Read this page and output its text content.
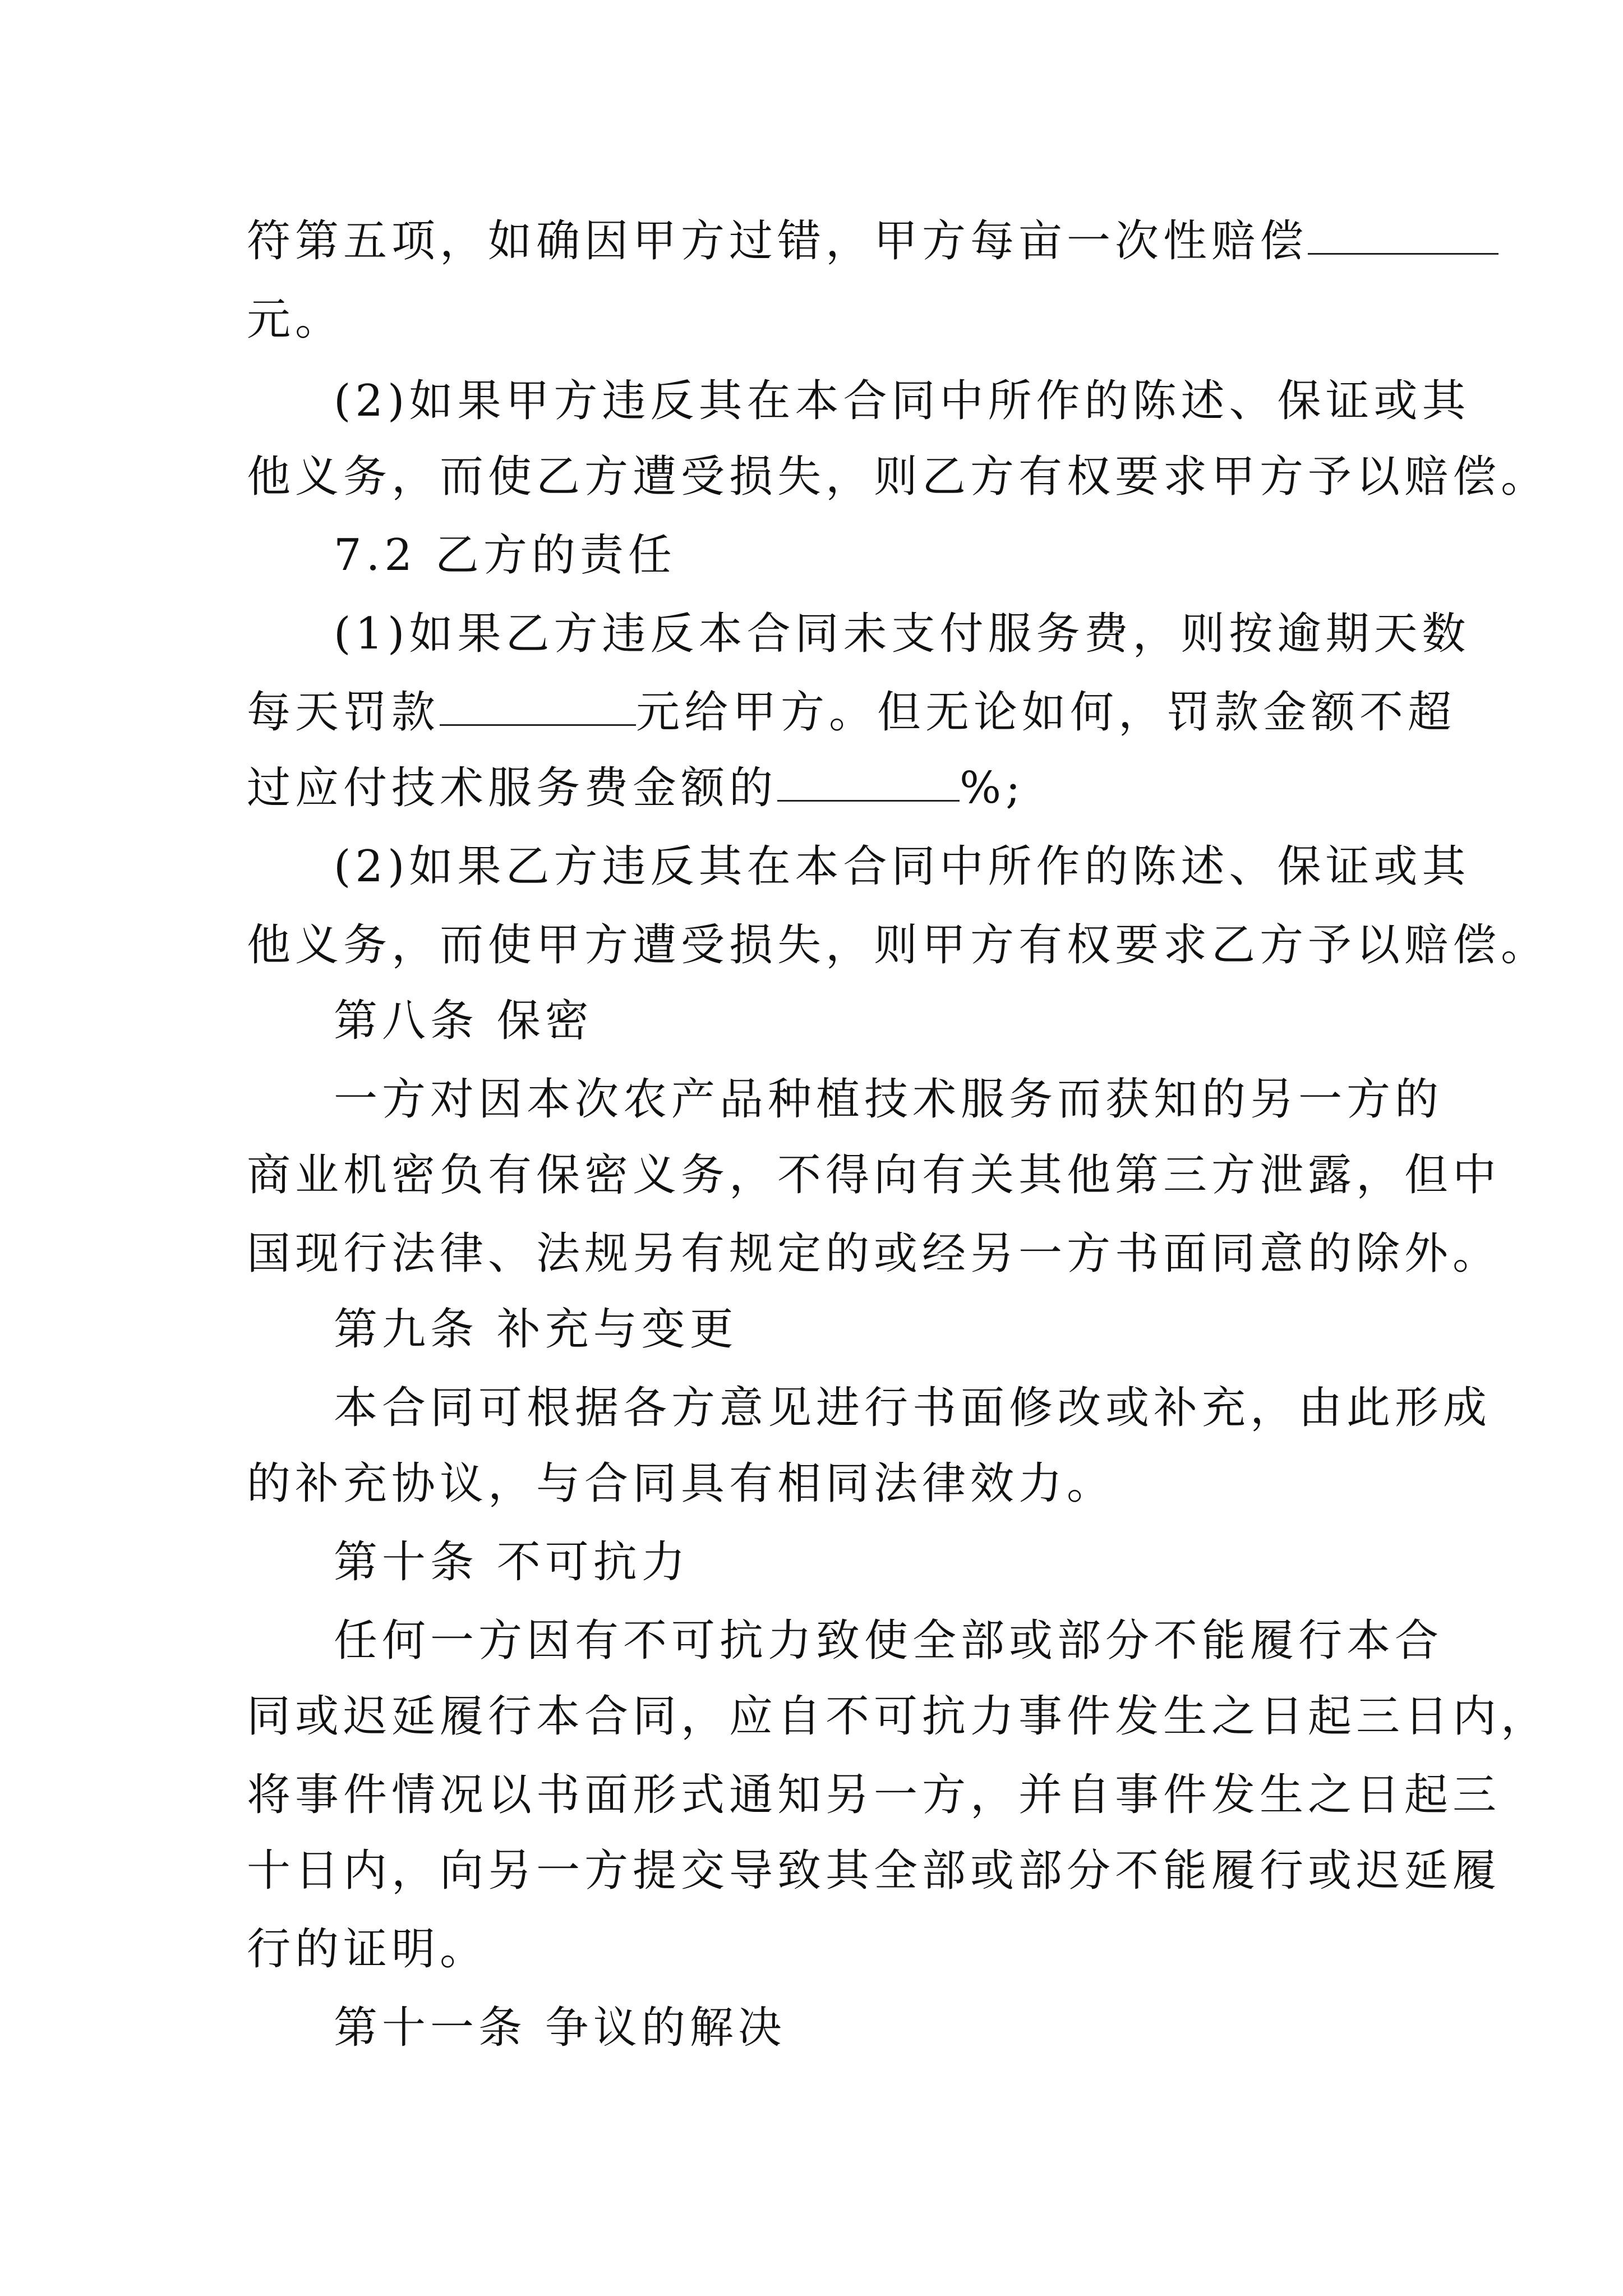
符第五项，如确因甲方过错，甲方每亩一次性赔偿
元。
(2)如果甲方违反其在本合同中所作的陈述、保证或其
他义务，而使乙方遭受损失，则乙方有权要求甲方予以赔偿。
7.2 乙方的责任
(1)如果乙方违反本合同未支付服务费，则按逾期天数
每天罚款	元给甲方。但无论如何，罚款金额不超
过应付技术服务费金额的	%;
(2)如果乙方违反其在本合同中所作的陈述、保证或其
他义务，而使甲方遭受损失，则甲方有权要求乙方予以赔偿。
第八条 保密
一方对因本次农产品种植技术服务而获知的另一方的
商业机密负有保密义务，不得向有关其他第三方泄露，但中
国现行法律、法规另有规定的或经另一方书面同意的除外。
第九条 补充与变更
本合同可根据各方意见进行书面修改或补充，由此形成
的补充协议，与合同具有相同法律效力。
第十条 不可抗力
任何一方因有不可抗力致使全部或部分不能履行本合
同或迟延履行本合同，应自不可抗力事件发生之日起三日内，
将事件情况以书面形式通知另一方，并自事件发生之日起三
十日内，向另一方提交导致其全部或部分不能履行或迟延履
行的证明。
第十一条 争议的解决
